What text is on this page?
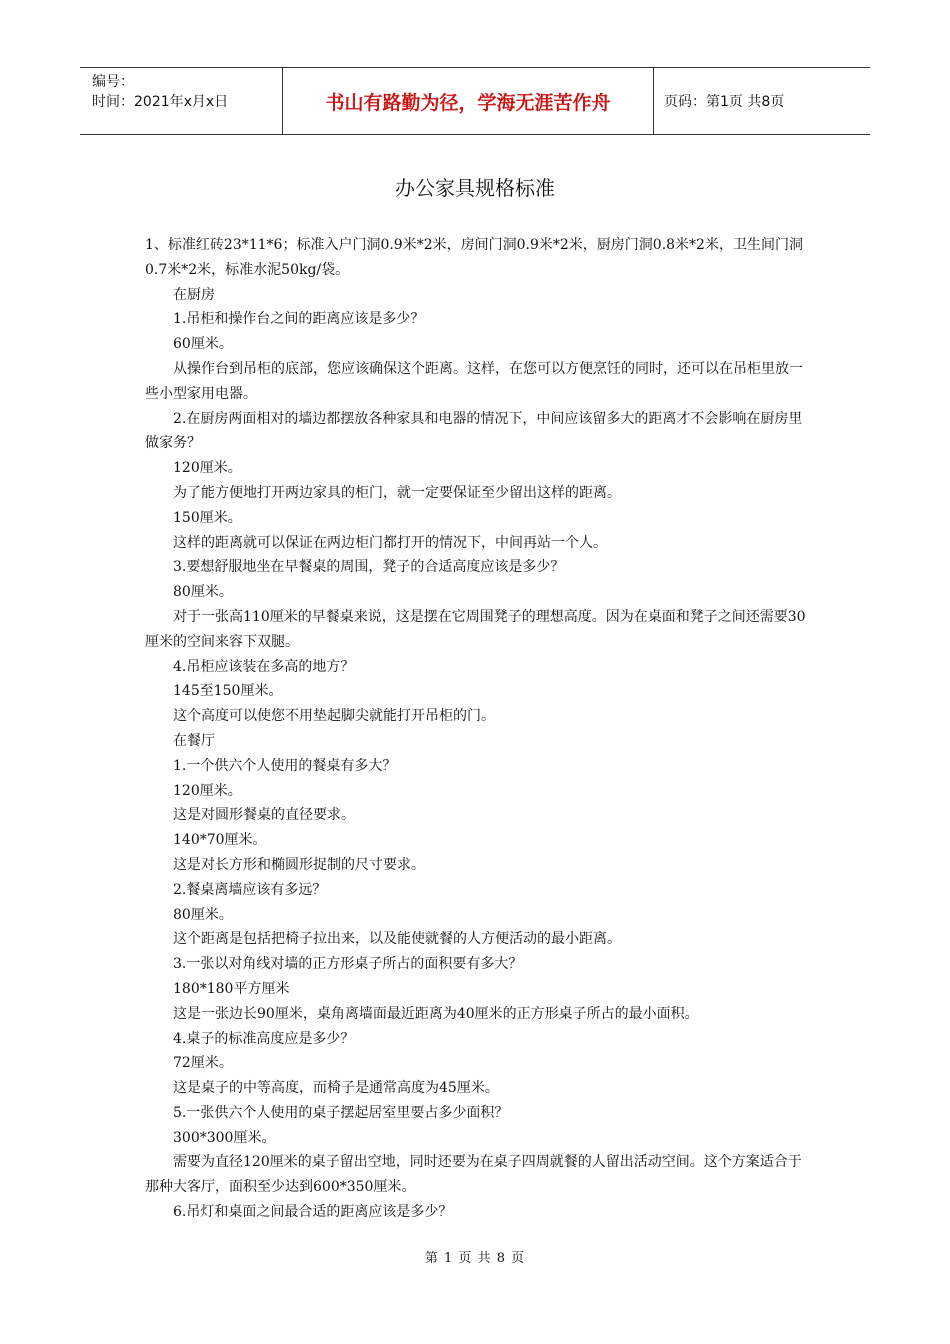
编号：
时间：2021年x月x日	书山有路勤为径，学海无涯苦作舟	页码：第1页 共8页
办公家具规格标准

1、标准红砖23*11*6；标准入户门洞0.9米*2米，房间门洞0.9米*2米，厨房门洞0.8米*2米，卫生间门洞0.7米*2米，标准水泥50kg/袋。

在厨房

1.吊柜和操作台之间的距离应该是多少？

60厘米。

从操作台到吊柜的底部，您应该确保这个距离。这样，在您可以方便烹饪的同时，还可以在吊柜里放一些小型家用电器。

2.在厨房两面相对的墙边都摆放各种家具和电器的情况下，中间应该留多大的距离才不会影响在厨房里做家务？

120厘米。

为了能方便地打开两边家具的柜门，就一定要保证至少留出这样的距离。

150厘米。

这样的距离就可以保证在两边柜门都打开的情况下，中间再站一个人。

3.要想舒服地坐在早餐桌的周围，凳子的合适高度应该是多少？

80厘米。

对于一张高110厘米的早餐桌来说，这是摆在它周围凳子的理想高度。因为在桌面和凳子之间还需要30厘米的空间来容下双腿。

4.吊柜应该装在多高的地方？

145至150厘米。

这个高度可以使您不用垫起脚尖就能打开吊柜的门。

在餐厅

1.一个供六个人使用的餐桌有多大？

120厘米。

这是对圆形餐桌的直径要求。

140*70厘米。

这是对长方形和椭圆形捉制的尺寸要求。

2.餐桌离墙应该有多远？

80厘米。

这个距离是包括把椅子拉出来，以及能使就餐的人方便活动的最小距离。

3.一张以对角线对墙的正方形桌子所占的面积要有多大？

180*180平方厘米

这是一张边长90厘米，桌角离墙面最近距离为40厘米的正方形桌子所占的最小面积。

4.桌子的标准高度应是多少？

72厘米。

这是桌子的中等高度，而椅子是通常高度为45厘米。

5.一张供六个人使用的桌子摆起居室里要占多少面积？

300*300厘米。

需要为直径120厘米的桌子留出空地，同时还要为在桌子四周就餐的人留出活动空间。这个方案适合于那种大客厅，面积至少达到600*350厘米。

6.吊灯和桌面之间最合适的距离应该是多少？

第 1 页 共 8 页
